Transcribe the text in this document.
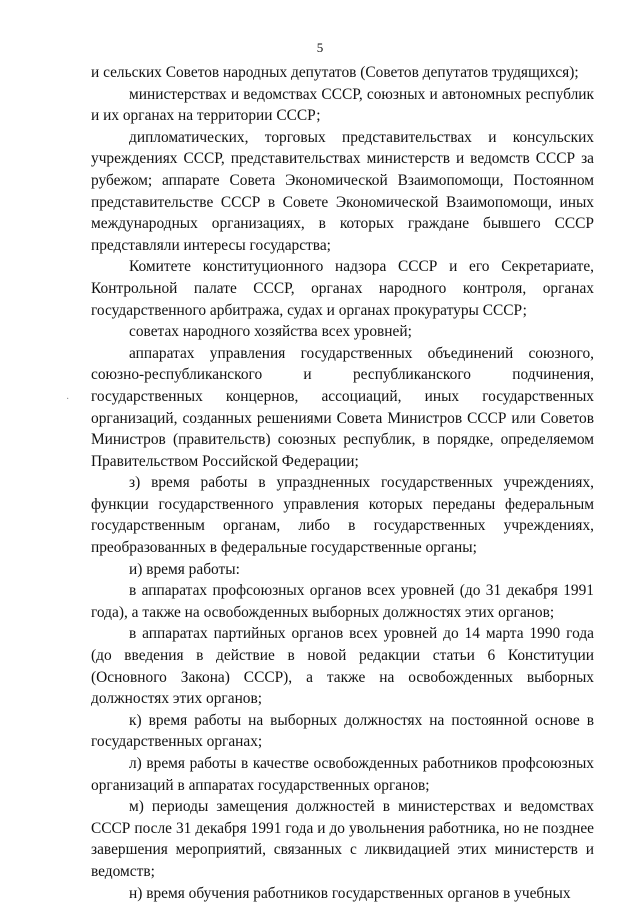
5

и сельских Советов народных депутатов (Советов депутатов трудящихся);

министерствах и ведомствах СССР, союзных и автономных республик и их органах на территории СССР;

дипломатических, торговых представительствах и консульских учреждениях СССР, представительствах министерств и ведомств СССР за рубежом; аппарате Совета Экономической Взаимопомощи, Постоянном представительстве СССР в Совете Экономической Взаимопомощи, иных международных организациях, в которых граждане бывшего СССР представляли интересы государства;

Комитете конституционного надзора СССР и его Секретариате, Контрольной палате СССР, органах народного контроля, органах государственного арбитража, судах и органах прокуратуры СССР;

советах народного хозяйства всех уровней;

аппаратах управления государственных объединений союзного, союзно-республиканского и республиканского подчинения, государственных концернов, ассоциаций, иных государственных организаций, созданных решениями Совета Министров СССР или Советов Министров (правительств) союзных республик, в порядке, определяемом Правительством Российской Федерации;

з) время работы в упраздненных государственных учреждениях, функции государственного управления которых переданы федеральным государственным органам, либо в государственных учреждениях, преобразованных в федеральные государственные органы;

и) время работы:

в аппаратах профсоюзных органов всех уровней (до 31 декабря 1991 года), а также на освобожденных выборных должностях этих органов;

в аппаратах партийных органов всех уровней до 14 марта 1990 года (до введения в действие в новой редакции статьи 6 Конституции (Основного Закона) СССР), а также на освобожденных выборных должностях этих органов;

к) время работы на выборных должностях на постоянной основе в государственных органах;

л) время работы в качестве освобожденных работников профсоюзных организаций в аппаратах государственных органов;

м) периоды замещения должностей в министерствах и ведомствах СССР после 31 декабря 1991 года и до увольнения работника, но не позднее завершения мероприятий, связанных с ликвидацией этих министерств и ведомств;

н) время обучения работников государственных органов в учебных

·
